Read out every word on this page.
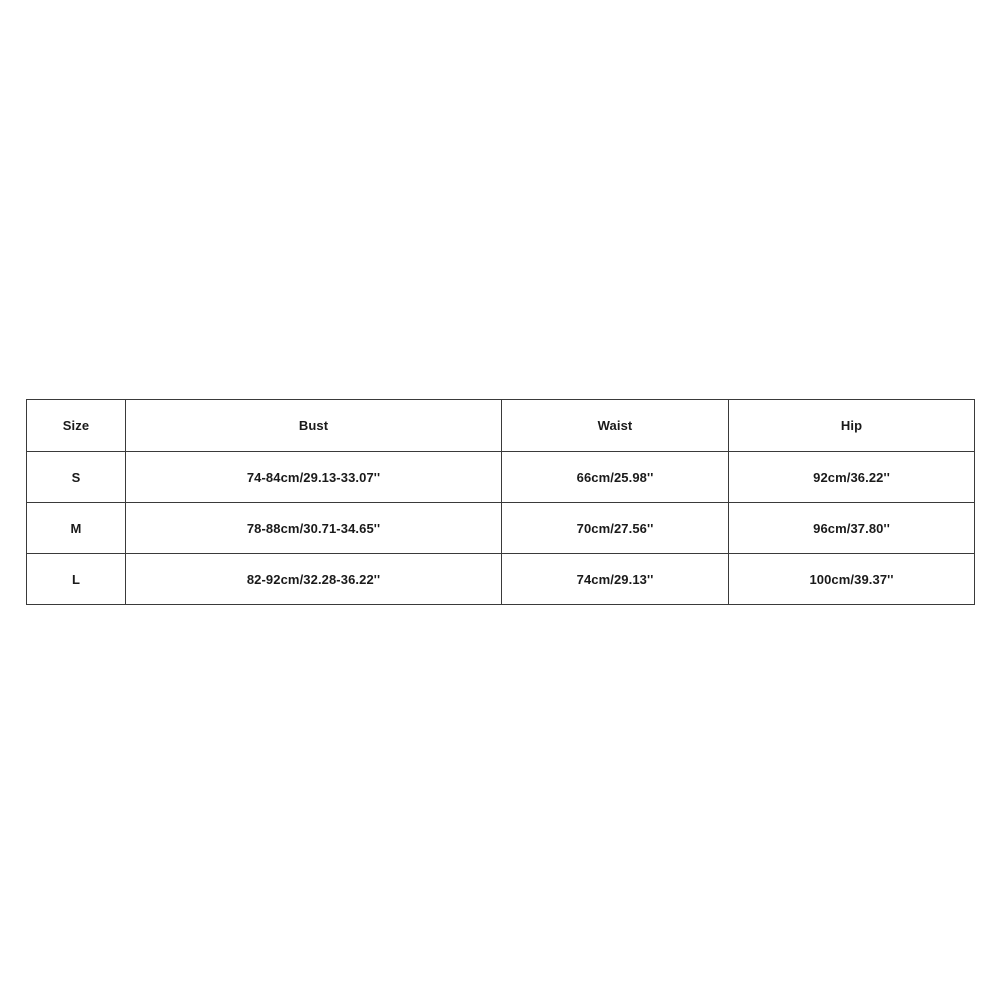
Size	Bust	Waist	Hip
S	74-84cm/29.13-33.07''	66cm/25.98''	92cm/36.22''
M	78-88cm/30.71-34.65''	70cm/27.56''	96cm/37.80''
L	82-92cm/32.28-36.22''	74cm/29.13''	100cm/39.37''
